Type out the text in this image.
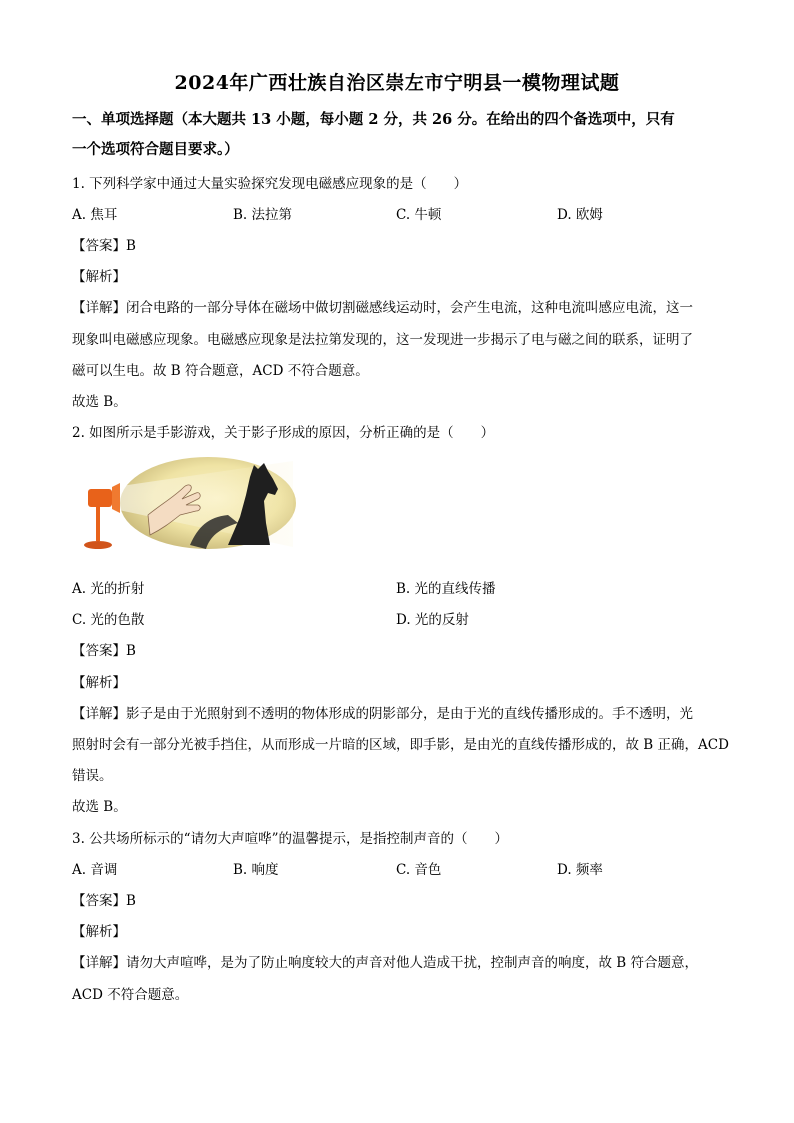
2024年广西壮族自治区崇左市宁明县一模物理试题
一、单项选择题（本大题共 13 小题，每小题 2 分，共 26 分。在给出的四个备选项中，只有
一个选项符合题目要求。）
1. 下列科学家中通过大量实验探究发现电磁感应现象的是（　　）
A. 焦耳	B. 法拉第	C. 牛顿	D. 欧姆
【答案】B
【解析】
【详解】闭合电路的一部分导体在磁场中做切割磁感线运动时，会产生电流，这种电流叫感应电流，这一
现象叫电磁感应现象。电磁感应现象是法拉第发现的，这一发现进一步揭示了电与磁之间的联系，证明了
磁可以生电。故 B 符合题意，ACD 不符合题意。
故选 B。
2. 如图所示是手影游戏，关于影子形成的原因，分析正确的是（　　）
A. 光的折射	B. 光的直线传播
C. 光的色散	D. 光的反射
【答案】B
【解析】
【详解】影子是由于光照射到不透明的物体形成的阴影部分，是由于光的直线传播形成的。手不透明，光
照射时会有一部分光被手挡住，从而形成一片暗的区域，即手影，是由光的直线传播形成的，故 B 正确，ACD
错误。
故选 B。
3. 公共场所标示的“请勿大声喧哗”的温馨提示，是指控制声音的（　　）
A. 音调	B. 响度	C. 音色	D. 频率
【答案】B
【解析】
【详解】请勿大声喧哗，是为了防止响度较大的声音对他人造成干扰，控制声音的响度，故 B 符合题意，
ACD 不符合题意。
